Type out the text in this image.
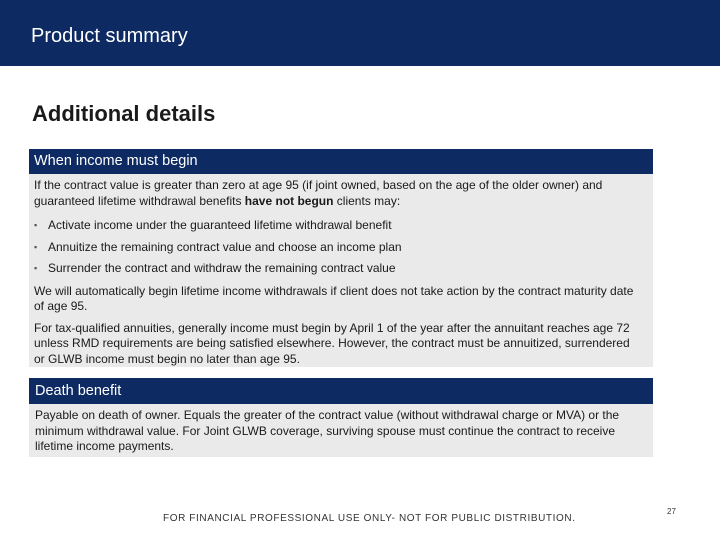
Product summary
Additional details
When income must begin

If the contract value is greater than zero at age 95 (if joint owned, based on the age of the older owner) and guaranteed lifetime withdrawal benefits have not begun clients may:

▪ Activate income under the guaranteed lifetime withdrawal benefit
▪ Annuitize the remaining contract value and choose an income plan
▪ Surrender the contract and withdraw the remaining contract value

We will automatically begin lifetime income withdrawals if client does not take action by the contract maturity date of age 95.

For tax-qualified annuities, generally income must begin by April 1 of the year after the annuitant reaches age 72 unless RMD requirements are being satisfied elsewhere. However, the contract must be annuitized, surrendered or GLWB income must begin no later than age 95.

Death benefit

Payable on death of owner. Equals the greater of the contract value (without withdrawal charge or MVA) or the minimum withdrawal value. For Joint GLWB coverage, surviving spouse must continue the contract to receive lifetime income payments.

FOR FINANCIAL PROFESSIONAL USE ONLY- NOT FOR PUBLIC DISTRIBUTION.
27
